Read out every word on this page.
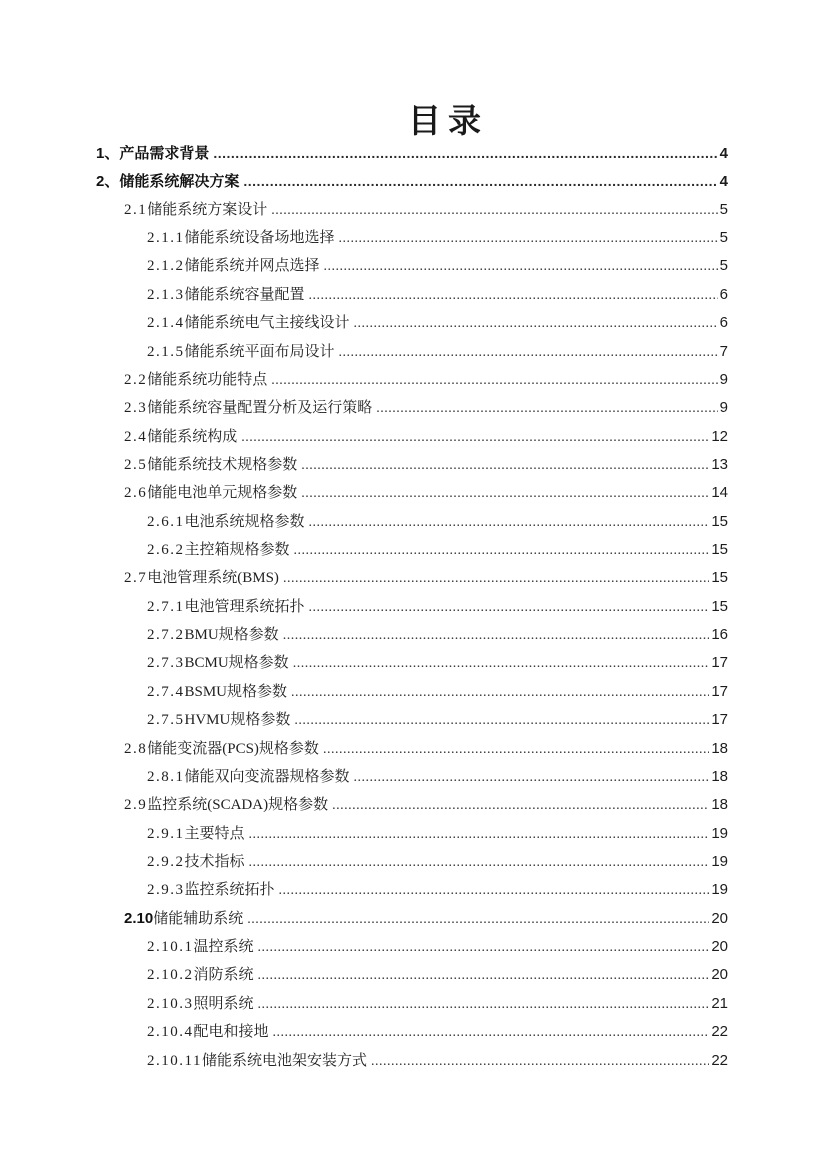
目录
1、 产品需求背景 .....	4
2、 储能系统解决方案 .....	4
2.1 储能系统方案设计 .....	5
2.1.1 储能系统设备场地选择 .....	5
2.1.2 储能系统并网点选择 .....	5
2.1.3 储能系统容量配置 .....	6
2.1.4 储能系统电气主接线设计 .....	6
2.1.5 储能系统平面布局设计 .....	7
2.2 储能系统功能特点 .....	9
2.3 储能系统容量配置分析及运行策略 .....	9
2.4 储能系统构成 .....	12
2.5 储能系统技术规格参数 .....	13
2.6 储能电池单元规格参数 .....	14
2.6.1 电池系统规格参数 .....	15
2.6.2 主控箱规格参数 .....	15
2.7 电池管理系统(BMS) .....	15
2.7.1 电池管理系统拓扑 .....	15
2.7.2 BMU规格参数 .....	16
2.7.3 BCMU规格参数 .....	17
2.7.4 BSMU规格参数 .....	17
2.7.5 HVMU规格参数 .....	17
2.8 储能变流器(PCS)规格参数 .....	18
2.8.1 储能双向变流器规格参数 .....	18
2.9 监控系统(SCADA)规格参数 .....	18
2.9.1 主要特点 .....	19
2.9.2 技术指标 .....	19
2.9.3 监控系统拓扑 .....	19
2.10 储能辅助系统 .....	20
2.10.1 温控系统 .....	20
2.10.2 消防系统 .....	20
2.10.3 照明系统 .....	21
2.10.4 配电和接地 .....	22
2.10.11 储能系统电池架安装方式 .....	22
